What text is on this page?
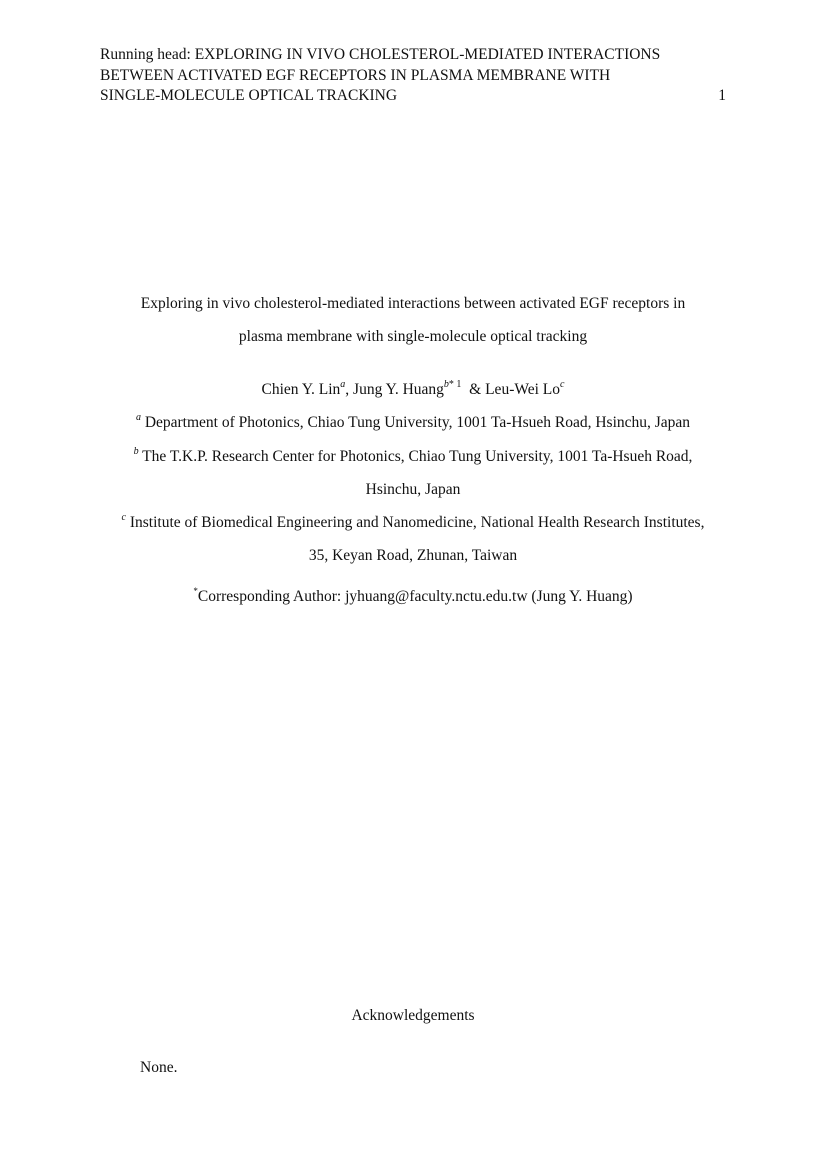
Running head: EXPLORING IN VIVO CHOLESTEROL-MEDIATED INTERACTIONS
BETWEEN ACTIVATED EGF RECEPTORS IN PLASMA MEMBRANE WITH
SINGLE-MOLECULE OPTICAL TRACKING	1
Exploring in vivo cholesterol-mediated interactions between activated EGF receptors in
plasma membrane with single-molecule optical tracking
Chien Y. Lin$^a$, Jung Y. Huang$^{b* 1}$  & Leu-Wei Lo$^c$
$^a$ Department of Photonics, Chiao Tung University, 1001 Ta-Hsueh Road, Hsinchu, Japan
$^b$ The T.K.P. Research Center for Photonics, Chiao Tung University, 1001 Ta-Hsueh Road,
Hsinchu, Japan
$^c$ Institute of Biomedical Engineering and Nanomedicine, National Health Research Institutes,
35, Keyan Road, Zhunan, Taiwan
*Corresponding Author: jyhuang@faculty.nctu.edu.tw (Jung Y. Huang)
Acknowledgements
None.
